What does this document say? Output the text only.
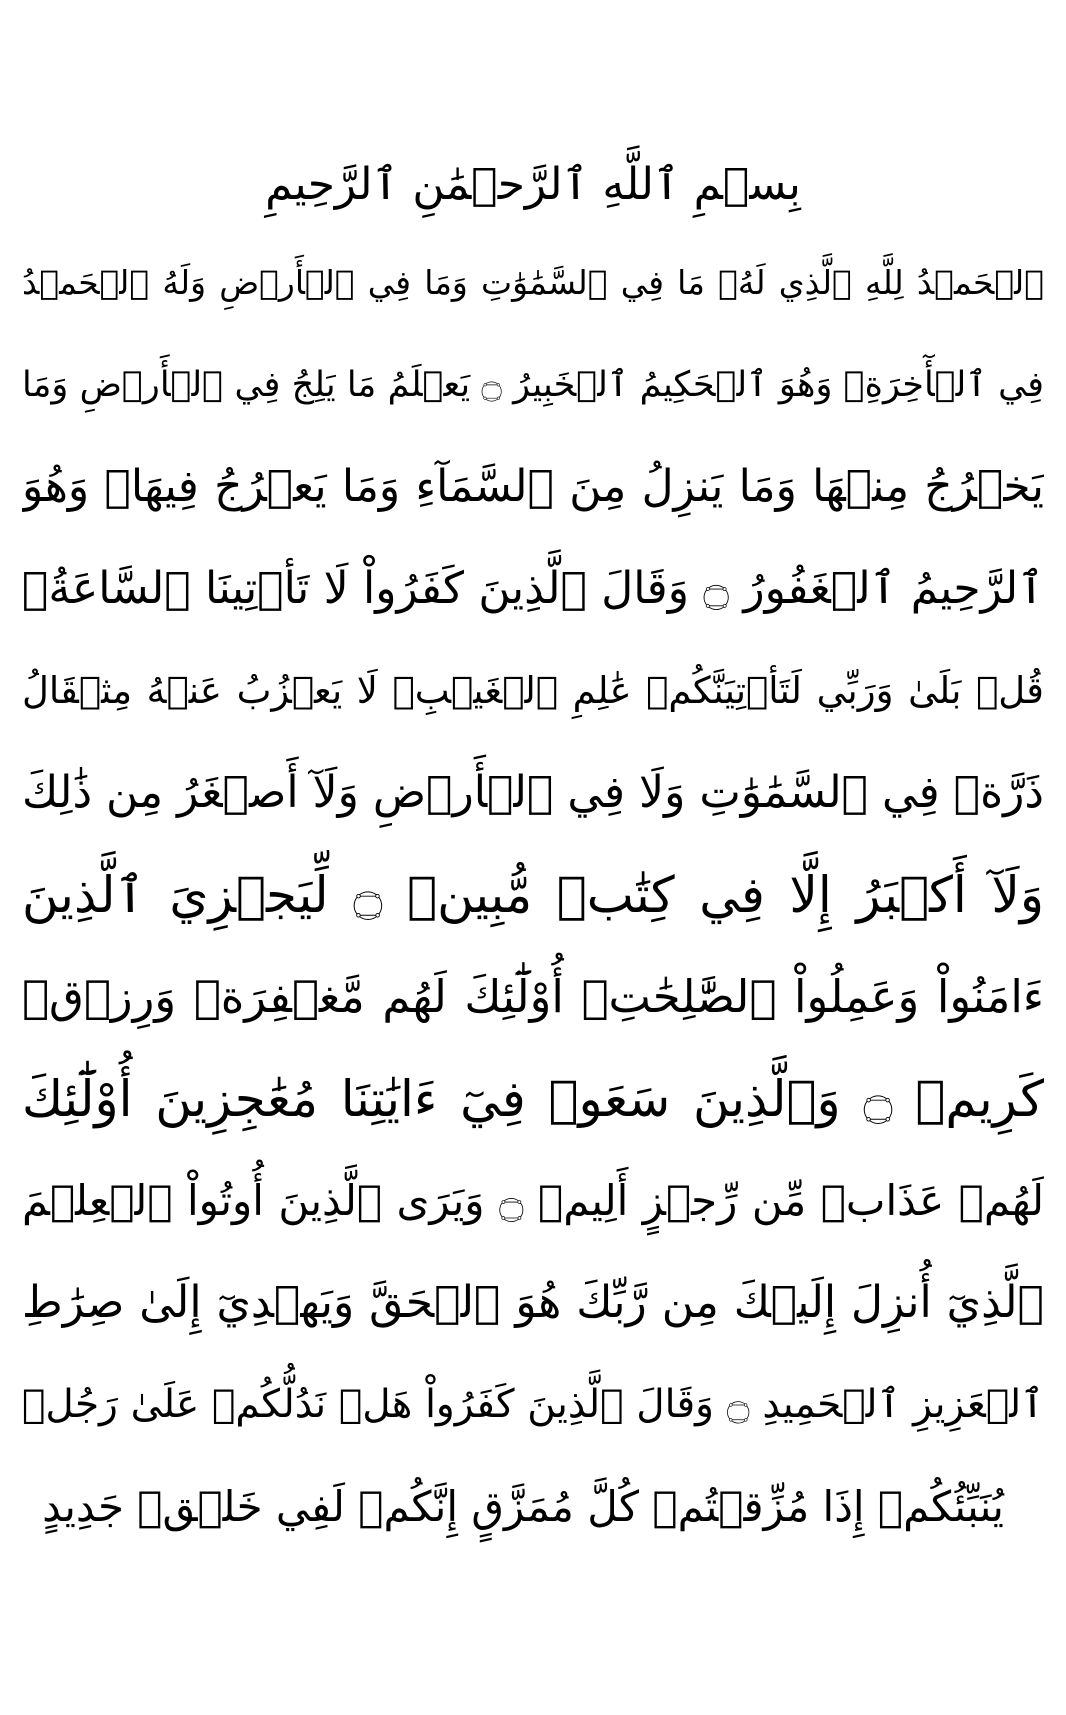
بِسۡمِ ٱللَّهِ ٱلرَّحۡمَٰنِ ٱلرَّحِيمِ
ٱلۡحَمۡدُ لِلَّهِ ٱلَّذِي لَهُۥ مَا فِي ٱلسَّمَٰوَٰتِ وَمَا فِي ٱلۡأَرۡضِ وَلَهُ ٱلۡحَمۡدُ
فِي ٱلۡأٓخِرَةِۚ وَهُوَ ٱلۡحَكِيمُ ٱلۡخَبِيرُ ۝ يَعۡلَمُ مَا يَلِجُ فِي ٱلۡأَرۡضِ وَمَا
يَخۡرُجُ مِنۡهَا وَمَا يَنزِلُ مِنَ ٱلسَّمَآءِ وَمَا يَعۡرُجُ فِيهَاۚ وَهُوَ
ٱلرَّحِيمُ ٱلۡغَفُورُ ۝ وَقَالَ ٱلَّذِينَ كَفَرُواْ لَا تَأۡتِينَا ٱلسَّاعَةُۖ
قُلۡ بَلَىٰ وَرَبِّي لَتَأۡتِيَنَّكُمۡ عَٰلِمِ ٱلۡغَيۡبِۖ لَا يَعۡزُبُ عَنۡهُ مِثۡقَالُ
ذَرَّةٖ فِي ٱلسَّمَٰوَٰتِ وَلَا فِي ٱلۡأَرۡضِ وَلَآ أَصۡغَرُ مِن ذَٰلِكَ
وَلَآ أَكۡبَرُ إِلَّا فِي كِتَٰبٖ مُّبِينٖ ۝ لِّيَجۡزِيَ ٱلَّذِينَ
ءَامَنُواْ وَعَمِلُواْ ٱلصَّٰلِحَٰتِۚ أُوْلَٰٓئِكَ لَهُم مَّغۡفِرَةٞ وَرِزۡقٞ
كَرِيمٞ ۝ وَٱلَّذِينَ سَعَوۡ فِيٓ ءَايَٰتِنَا مُعَٰجِزِينَ أُوْلَٰٓئِكَ
لَهُمۡ عَذَابٞ مِّن رِّجۡزٍ أَلِيمٞ ۝ وَيَرَى ٱلَّذِينَ أُوتُواْ ٱلۡعِلۡمَ
ٱلَّذِيٓ أُنزِلَ إِلَيۡكَ مِن رَّبِّكَ هُوَ ٱلۡحَقَّ وَيَهۡدِيٓ إِلَىٰ صِرَٰطِ
ٱلۡعَزِيزِ ٱلۡحَمِيدِ ۝ وَقَالَ ٱلَّذِينَ كَفَرُواْ هَلۡ نَدُلُّكُمۡ عَلَىٰ رَجُلٖ
يُنَبِّئُكُمۡ إِذَا مُزِّقۡتُمۡ كُلَّ مُمَزَّقٍ إِنَّكُمۡ لَفِي خَلۡقٖ جَدِيدٍ
